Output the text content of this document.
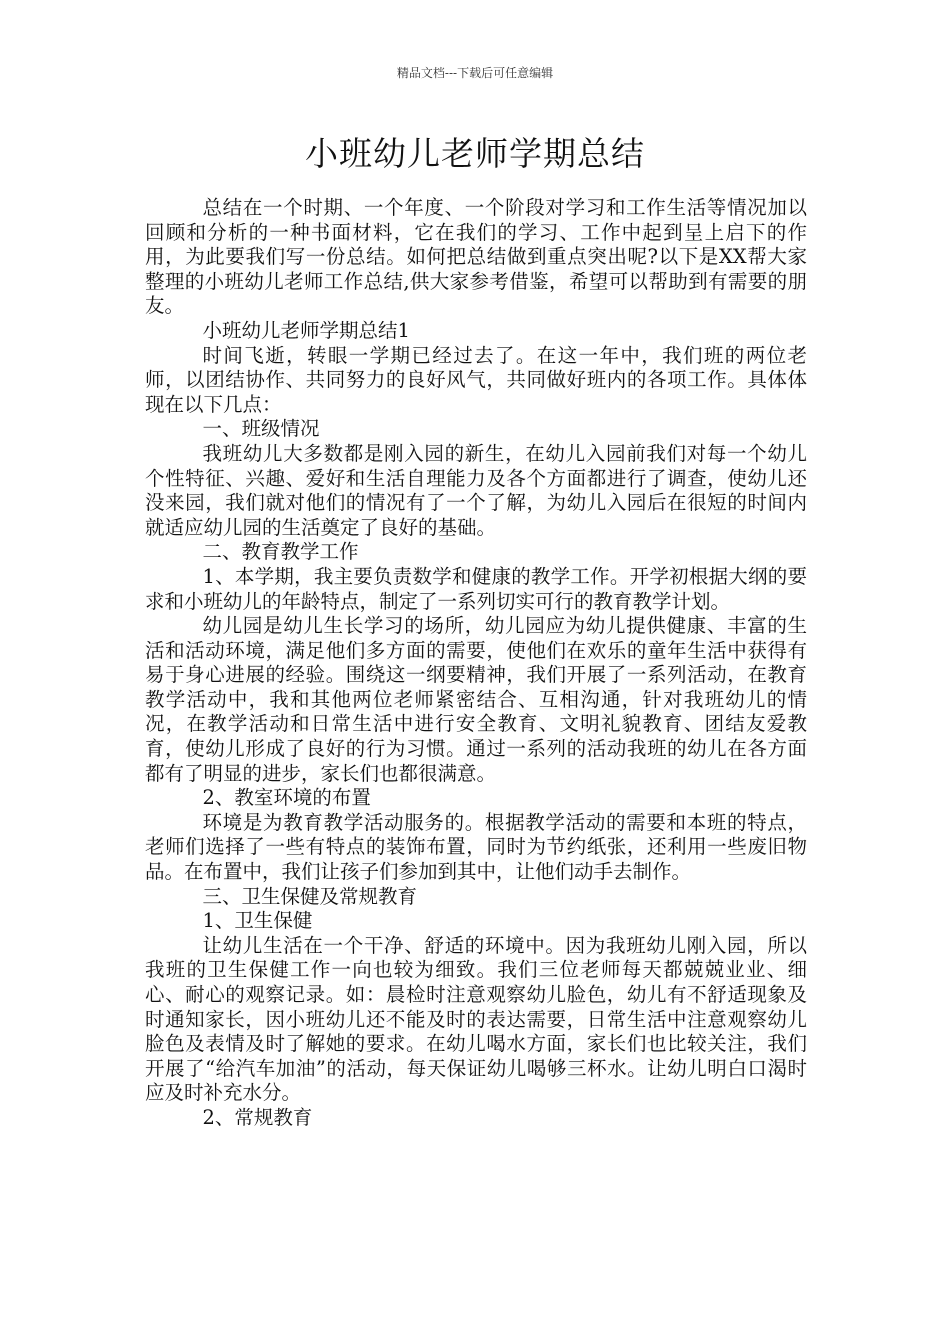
精品文档---下载后可任意编辑
小班幼儿老师学期总结

总结在一个时期、一个年度、一个阶段对学习和工作生活等情况加以回顾和分析的一种书面材料，它在我们的学习、工作中起到呈上启下的作用，为此要我们写一份总结。如何把总结做到重点突出呢?以下是XX帮大家整理的小班幼儿老师工作总结,供大家参考借鉴，希望可以帮助到有需要的朋友。

小班幼儿老师学期总结1

时间飞逝，转眼一学期已经过去了。在这一年中，我们班的两位老师，以团结协作、共同努力的良好风气，共同做好班内的各项工作。具体体现在以下几点：

一、班级情况

我班幼儿大多数都是刚入园的新生，在幼儿入园前我们对每一个幼儿个性特征、兴趣、爱好和生活自理能力及各个方面都进行了调查，使幼儿还没来园，我们就对他们的情况有了一个了解，为幼儿入园后在很短的时间内就适应幼儿园的生活奠定了良好的基础。

二、教育教学工作

1、本学期，我主要负责数学和健康的教学工作。开学初根据大纲的要求和小班幼儿的年龄特点，制定了一系列切实可行的教育教学计划。

幼儿园是幼儿生长学习的场所，幼儿园应为幼儿提供健康、丰富的生活和活动环境，满足他们多方面的需要，使他们在欢乐的童年生活中获得有易于身心进展的经验。围绕这一纲要精神，我们开展了一系列活动，在教育教学活动中，我和其他两位老师紧密结合、互相沟通，针对我班幼儿的情况，在教学活动和日常生活中进行安全教育、文明礼貌教育、团结友爱教育，使幼儿形成了良好的行为习惯。通过一系列的活动我班的幼儿在各方面都有了明显的进步，家长们也都很满意。

2、教室环境的布置

环境是为教育教学活动服务的。根据教学活动的需要和本班的特点，老师们选择了一些有特点的装饰布置，同时为节约纸张，还利用一些废旧物品。在布置中，我们让孩子们参加到其中，让他们动手去制作。

三、卫生保健及常规教育

1、卫生保健

让幼儿生活在一个干净、舒适的环境中。因为我班幼儿刚入园，所以我班的卫生保健工作一向也较为细致。我们三位老师每天都兢兢业业、细心、耐心的观察记录。如：晨检时注意观察幼儿脸色，幼儿有不舒适现象及时通知家长，因小班幼儿还不能及时的表达需要，日常生活中注意观察幼儿脸色及表情及时了解她的要求。在幼儿喝水方面，家长们也比较关注，我们开展了“给汽车加油”的活动，每天保证幼儿喝够三杯水。让幼儿明白口渴时应及时补充水分。

2、常规教育
